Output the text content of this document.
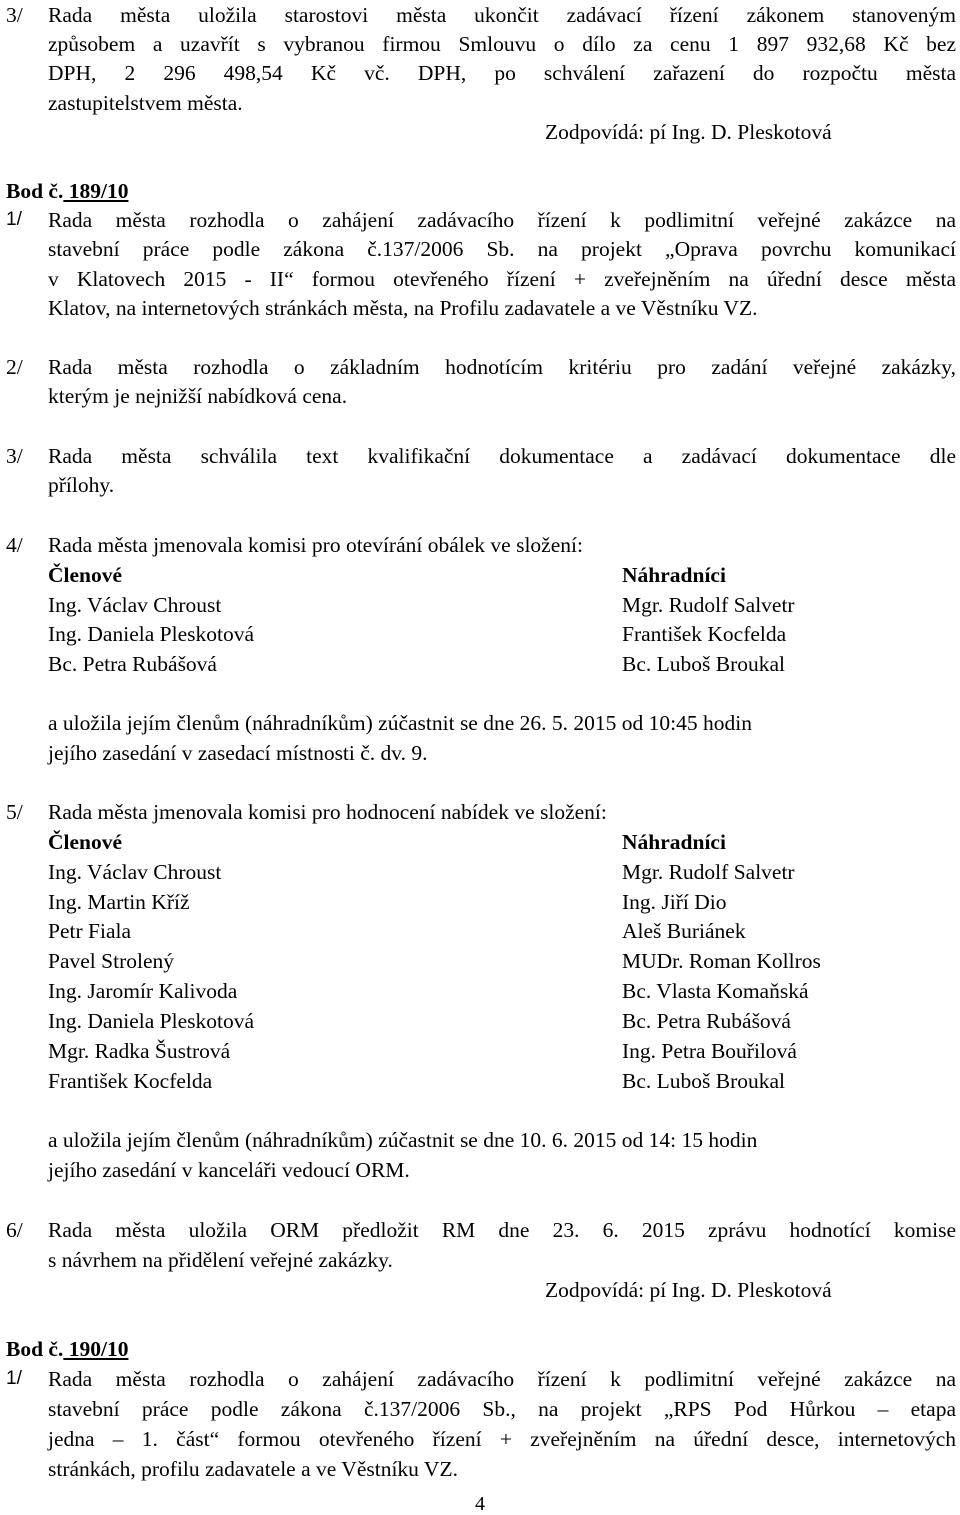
3/ Rada města uložila starostovi města ukončit zadávací řízení zákonem stanoveným
způsobem a uzavřít s vybranou firmou Smlouvu o dílo za cenu 1 897 932,68 Kč bez
DPH, 2 296 498,54 Kč vč. DPH, po schválení zařazení do rozpočtu města
zastupitelstvem města.
Zodpovídá: pí Ing. D. Pleskotová
Bod č. 189/10
1/ Rada města rozhodla o zahájení zadávacího řízení k podlimitní veřejné zakázce na
stavební práce podle zákona č.137/2006 Sb. na projekt „Oprava povrchu komunikací
v Klatovech 2015 - II“ formou otevřeného řízení + zveřejněním na úřední desce města
Klatov, na internetových stránkách města, na Profilu zadavatele a ve Věstníku VZ.
2/ Rada města rozhodla o základním hodnotícím kritériu pro zadání veřejné zakázky,
kterým je nejnižší nabídková cena.
3/ Rada města schválila text kvalifikační dokumentace a zadávací dokumentace dle
přílohy.
4/ Rada města jmenovala komisi pro otevírání obálek ve složení:
Členové	Náhradníci
Ing. Václav Chroust	Mgr. Rudolf Salvetr
Ing. Daniela Pleskotová	František Kocfelda
Bc. Petra Rubášová	Bc. Luboš Broukal
a uložila jejím členům (náhradníkům) zúčastnit se dne 26. 5. 2015 od 10:45 hodin
jejího zasedání v zasedací místnosti č. dv. 9.
5/ Rada města jmenovala komisi pro hodnocení nabídek ve složení:
Členové	Náhradníci
Ing. Václav Chroust	Mgr. Rudolf Salvetr
Ing. Martin Kříž	Ing. Jiří Dio
Petr Fiala	Aleš Buriánek
Pavel Strolený	MUDr. Roman Kollros
Ing. Jaromír Kalivoda	Bc. Vlasta Komaňská
Ing. Daniela Pleskotová	Bc. Petra Rubášová
Mgr. Radka Šustrová	Ing. Petra Bouřilová
František Kocfelda	Bc. Luboš Broukal
a uložila jejím členům (náhradníkům) zúčastnit se dne 10. 6. 2015 od 14: 15 hodin
jejího zasedání v kanceláři vedoucí ORM.
6/ Rada města uložila ORM předložit RM dne 23. 6. 2015 zprávu hodnotící komise
s návrhem na přidělení veřejné zakázky.
Zodpovídá: pí Ing. D. Pleskotová
Bod č. 190/10
1/ Rada města rozhodla o zahájení zadávacího řízení k podlimitní veřejné zakázce na
stavební práce podle zákona č.137/2006 Sb., na projekt „RPS Pod Hůrkou – etapa
jedna – 1. část“ formou otevřeného řízení + zveřejněním na úřední desce, internetových
stránkách, profilu zadavatele a ve Věstníku VZ.
4
